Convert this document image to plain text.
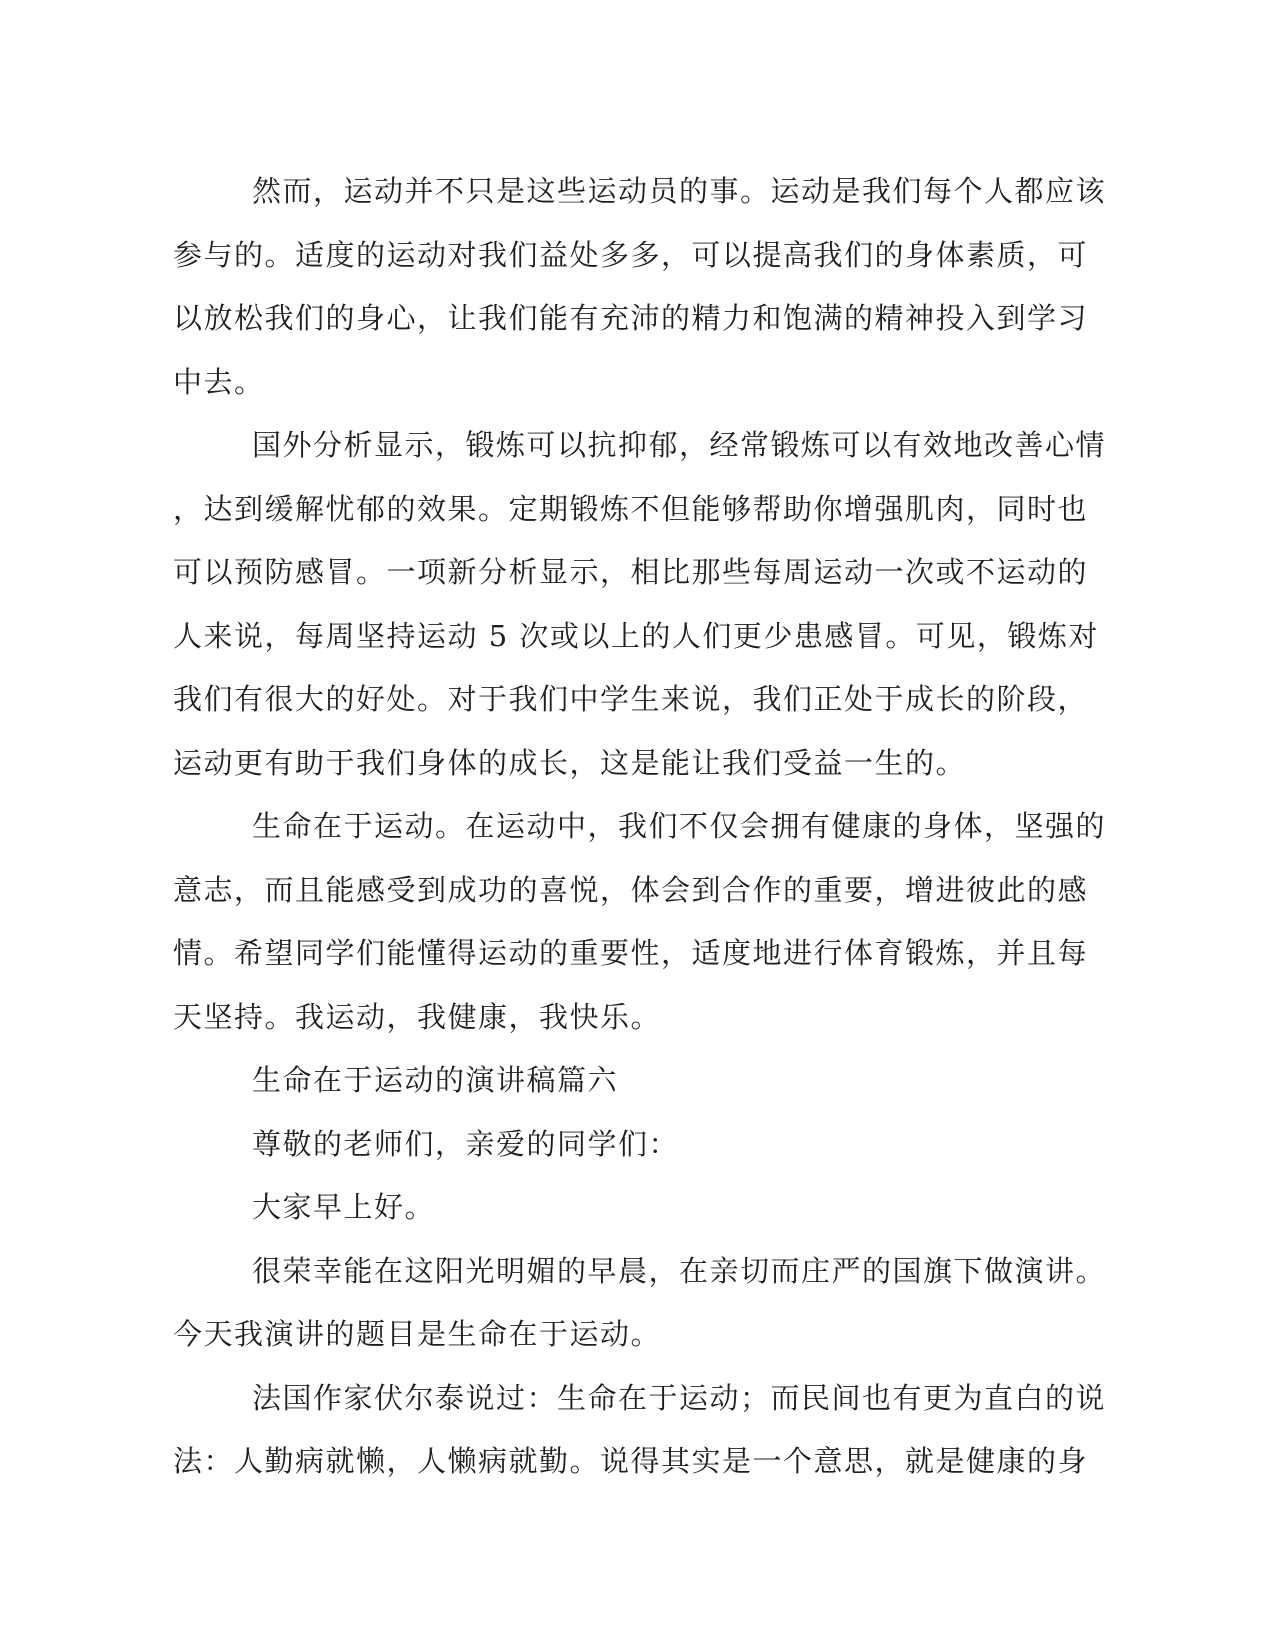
然而，运动并不只是这些运动员的事。运动是我们每个人都应该
参与的。适度的运动对我们益处多多，可以提高我们的身体素质，可
以放松我们的身心，让我们能有充沛的精力和饱满的精神投入到学习
中去。
国外分析显示，锻炼可以抗抑郁，经常锻炼可以有效地改善心情
，达到缓解忧郁的效果。定期锻炼不但能够帮助你增强肌肉，同时也
可以预防感冒。一项新分析显示，相比那些每周运动一次或不运动的
人来说，每周坚持运动 5 次或以上的人们更少患感冒。可见，锻炼对
我们有很大的好处。对于我们中学生来说，我们正处于成长的阶段，
运动更有助于我们身体的成长，这是能让我们受益一生的。
生命在于运动。在运动中，我们不仅会拥有健康的身体，坚强的
意志，而且能感受到成功的喜悦，体会到合作的重要，增进彼此的感
情。希望同学们能懂得运动的重要性，适度地进行体育锻炼，并且每
天坚持。我运动，我健康，我快乐。
生命在于运动的演讲稿篇六
尊敬的老师们，亲爱的同学们：
大家早上好。
很荣幸能在这阳光明媚的早晨，在亲切而庄严的国旗下做演讲。
今天我演讲的题目是生命在于运动。
法国作家伏尔泰说过：生命在于运动；而民间也有更为直白的说
法：人勤病就懒，人懒病就勤。说得其实是一个意思，就是健康的身
